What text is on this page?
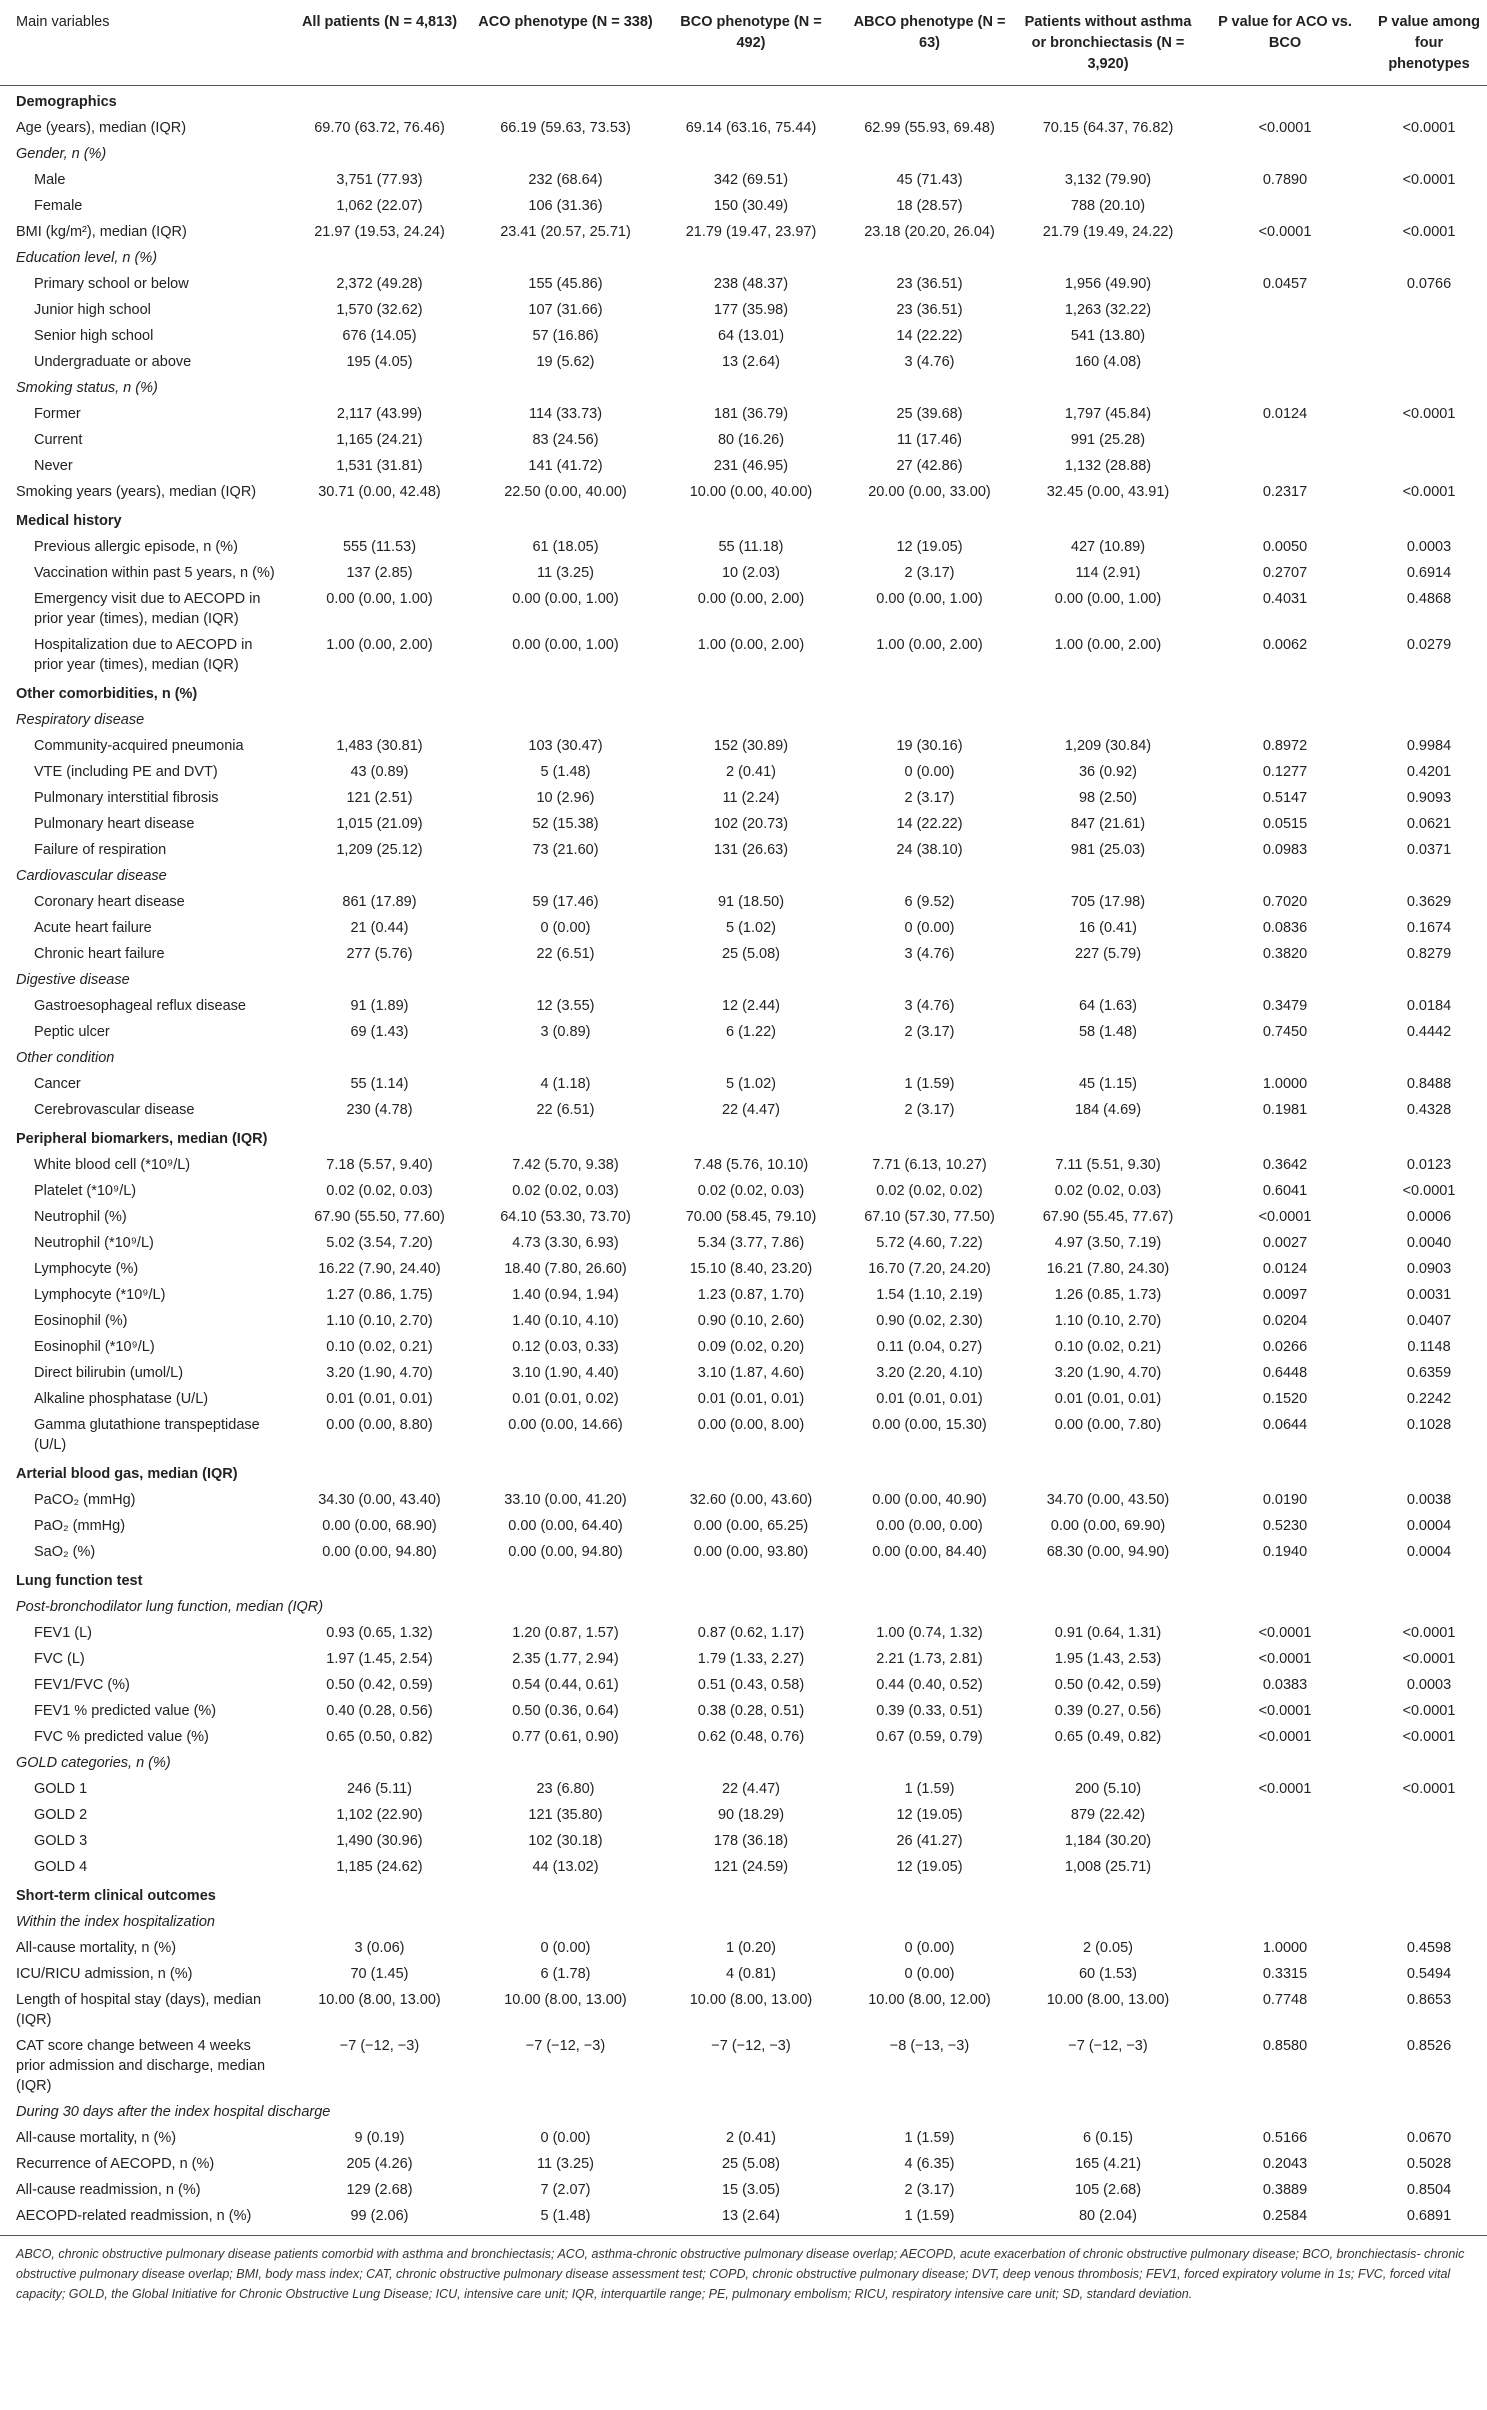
Main variables	All patients (N = 4,813)	ACO phenotype (N = 338)	BCO phenotype (N = 492)	ABCO phenotype (N = 63)	Patients without asthma or bronchiectasis (N = 3,920)	P value for ACO vs. BCO	P value among four phenotypes
Demographics							
Age (years), median (IQR)	69.70 (63.72, 76.46)	66.19 (59.63, 73.53)	69.14 (63.16, 75.44)	62.99 (55.93, 69.48)	70.15 (64.37, 76.82)	<0.0001	<0.0001
Gender, n (%)							
Male	3,751 (77.93)	232 (68.64)	342 (69.51)	45 (71.43)	3,132 (79.90)	0.7890	<0.0001
Female	1,062 (22.07)	106 (31.36)	150 (30.49)	18 (28.57)	788 (20.10)		
BMI (kg/m²), median (IQR)	21.97 (19.53, 24.24)	23.41 (20.57, 25.71)	21.79 (19.47, 23.97)	23.18 (20.20, 26.04)	21.79 (19.49, 24.22)	<0.0001	<0.0001
Education level, n (%)							
Primary school or below	2,372 (49.28)	155 (45.86)	238 (48.37)	23 (36.51)	1,956 (49.90)	0.0457	0.0766
Junior high school	1,570 (32.62)	107 (31.66)	177 (35.98)	23 (36.51)	1,263 (32.22)		
Senior high school	676 (14.05)	57 (16.86)	64 (13.01)	14 (22.22)	541 (13.80)		
Undergraduate or above	195 (4.05)	19 (5.62)	13 (2.64)	3 (4.76)	160 (4.08)		
Smoking status, n (%)							
Former	2,117 (43.99)	114 (33.73)	181 (36.79)	25 (39.68)	1,797 (45.84)	0.0124	<0.0001
Current	1,165 (24.21)	83 (24.56)	80 (16.26)	11 (17.46)	991 (25.28)		
Never	1,531 (31.81)	141 (41.72)	231 (46.95)	27 (42.86)	1,132 (28.88)		
Smoking years (years), median (IQR)	30.71 (0.00, 42.48)	22.50 (0.00, 40.00)	10.00 (0.00, 40.00)	20.00 (0.00, 33.00)	32.45 (0.00, 43.91)	0.2317	<0.0001
Medical history							
Previous allergic episode, n (%)	555 (11.53)	61 (18.05)	55 (11.18)	12 (19.05)	427 (10.89)	0.0050	0.0003
Vaccination within past 5 years, n (%)	137 (2.85)	11 (3.25)	10 (2.03)	2 (3.17)	114 (2.91)	0.2707	0.6914
Emergency visit due to AECOPD in prior year (times), median (IQR)	0.00 (0.00, 1.00)	0.00 (0.00, 1.00)	0.00 (0.00, 2.00)	0.00 (0.00, 1.00)	0.00 (0.00, 1.00)	0.4031	0.4868
Hospitalization due to AECOPD in prior year (times), median (IQR)	1.00 (0.00, 2.00)	0.00 (0.00, 1.00)	1.00 (0.00, 2.00)	1.00 (0.00, 2.00)	1.00 (0.00, 2.00)	0.0062	0.0279
Other comorbidities, n (%)							
Respiratory disease							
Community-acquired pneumonia	1,483 (30.81)	103 (30.47)	152 (30.89)	19 (30.16)	1,209 (30.84)	0.8972	0.9984
VTE (including PE and DVT)	43 (0.89)	5 (1.48)	2 (0.41)	0 (0.00)	36 (0.92)	0.1277	0.4201
Pulmonary interstitial fibrosis	121 (2.51)	10 (2.96)	11 (2.24)	2 (3.17)	98 (2.50)	0.5147	0.9093
Pulmonary heart disease	1,015 (21.09)	52 (15.38)	102 (20.73)	14 (22.22)	847 (21.61)	0.0515	0.0621
Failure of respiration	1,209 (25.12)	73 (21.60)	131 (26.63)	24 (38.10)	981 (25.03)	0.0983	0.0371
Cardiovascular disease							
Coronary heart disease	861 (17.89)	59 (17.46)	91 (18.50)	6 (9.52)	705 (17.98)	0.7020	0.3629
Acute heart failure	21 (0.44)	0 (0.00)	5 (1.02)	0 (0.00)	16 (0.41)	0.0836	0.1674
Chronic heart failure	277 (5.76)	22 (6.51)	25 (5.08)	3 (4.76)	227 (5.79)	0.3820	0.8279
Digestive disease							
Gastroesophageal reflux disease	91 (1.89)	12 (3.55)	12 (2.44)	3 (4.76)	64 (1.63)	0.3479	0.0184
Peptic ulcer	69 (1.43)	3 (0.89)	6 (1.22)	2 (3.17)	58 (1.48)	0.7450	0.4442
Other condition							
Cancer	55 (1.14)	4 (1.18)	5 (1.02)	1 (1.59)	45 (1.15)	1.0000	0.8488
Cerebrovascular disease	230 (4.78)	22 (6.51)	22 (4.47)	2 (3.17)	184 (4.69)	0.1981	0.4328
Peripheral biomarkers, median (IQR)							
White blood cell (*10⁹/L)	7.18 (5.57, 9.40)	7.42 (5.70, 9.38)	7.48 (5.76, 10.10)	7.71 (6.13, 10.27)	7.11 (5.51, 9.30)	0.3642	0.0123
Platelet (*10⁹/L)	0.02 (0.02, 0.03)	0.02 (0.02, 0.03)	0.02 (0.02, 0.03)	0.02 (0.02, 0.02)	0.02 (0.02, 0.03)	0.6041	<0.0001
Neutrophil (%)	67.90 (55.50, 77.60)	64.10 (53.30, 73.70)	70.00 (58.45, 79.10)	67.10 (57.30, 77.50)	67.90 (55.45, 77.67)	<0.0001	0.0006
Neutrophil (*10⁹/L)	5.02 (3.54, 7.20)	4.73 (3.30, 6.93)	5.34 (3.77, 7.86)	5.72 (4.60, 7.22)	4.97 (3.50, 7.19)	0.0027	0.0040
Lymphocyte (%)	16.22 (7.90, 24.40)	18.40 (7.80, 26.60)	15.10 (8.40, 23.20)	16.70 (7.20, 24.20)	16.21 (7.80, 24.30)	0.0124	0.0903
Lymphocyte (*10⁹/L)	1.27 (0.86, 1.75)	1.40 (0.94, 1.94)	1.23 (0.87, 1.70)	1.54 (1.10, 2.19)	1.26 (0.85, 1.73)	0.0097	0.0031
Eosinophil (%)	1.10 (0.10, 2.70)	1.40 (0.10, 4.10)	0.90 (0.10, 2.60)	0.90 (0.02, 2.30)	1.10 (0.10, 2.70)	0.0204	0.0407
Eosinophil (*10⁹/L)	0.10 (0.02, 0.21)	0.12 (0.03, 0.33)	0.09 (0.02, 0.20)	0.11 (0.04, 0.27)	0.10 (0.02, 0.21)	0.0266	0.1148
Direct bilirubin (umol/L)	3.20 (1.90, 4.70)	3.10 (1.90, 4.40)	3.10 (1.87, 4.60)	3.20 (2.20, 4.10)	3.20 (1.90, 4.70)	0.6448	0.6359
Alkaline phosphatase (U/L)	0.01 (0.01, 0.01)	0.01 (0.01, 0.02)	0.01 (0.01, 0.01)	0.01 (0.01, 0.01)	0.01 (0.01, 0.01)	0.1520	0.2242
Gamma glutathione transpeptidase (U/L)	0.00 (0.00, 8.80)	0.00 (0.00, 14.66)	0.00 (0.00, 8.00)	0.00 (0.00, 15.30)	0.00 (0.00, 7.80)	0.0644	0.1028
Arterial blood gas, median (IQR)							
PaCO₂ (mmHg)	34.30 (0.00, 43.40)	33.10 (0.00, 41.20)	32.60 (0.00, 43.60)	0.00 (0.00, 40.90)	34.70 (0.00, 43.50)	0.0190	0.0038
PaO₂ (mmHg)	0.00 (0.00, 68.90)	0.00 (0.00, 64.40)	0.00 (0.00, 65.25)	0.00 (0.00, 0.00)	0.00 (0.00, 69.90)	0.5230	0.0004
SaO₂ (%)	0.00 (0.00, 94.80)	0.00 (0.00, 94.80)	0.00 (0.00, 93.80)	0.00 (0.00, 84.40)	68.30 (0.00, 94.90)	0.1940	0.0004
Lung function test							
Post-bronchodilator lung function, median (IQR)							
FEV1 (L)	0.93 (0.65, 1.32)	1.20 (0.87, 1.57)	0.87 (0.62, 1.17)	1.00 (0.74, 1.32)	0.91 (0.64, 1.31)	<0.0001	<0.0001
FVC (L)	1.97 (1.45, 2.54)	2.35 (1.77, 2.94)	1.79 (1.33, 2.27)	2.21 (1.73, 2.81)	1.95 (1.43, 2.53)	<0.0001	<0.0001
FEV1/FVC (%)	0.50 (0.42, 0.59)	0.54 (0.44, 0.61)	0.51 (0.43, 0.58)	0.44 (0.40, 0.52)	0.50 (0.42, 0.59)	0.0383	0.0003
FEV1 % predicted value (%)	0.40 (0.28, 0.56)	0.50 (0.36, 0.64)	0.38 (0.28, 0.51)	0.39 (0.33, 0.51)	0.39 (0.27, 0.56)	<0.0001	<0.0001
FVC % predicted value (%)	0.65 (0.50, 0.82)	0.77 (0.61, 0.90)	0.62 (0.48, 0.76)	0.67 (0.59, 0.79)	0.65 (0.49, 0.82)	<0.0001	<0.0001
GOLD categories, n (%)							
GOLD 1	246 (5.11)	23 (6.80)	22 (4.47)	1 (1.59)	200 (5.10)	<0.0001	<0.0001
GOLD 2	1,102 (22.90)	121 (35.80)	90 (18.29)	12 (19.05)	879 (22.42)		
GOLD 3	1,490 (30.96)	102 (30.18)	178 (36.18)	26 (41.27)	1,184 (30.20)		
GOLD 4	1,185 (24.62)	44 (13.02)	121 (24.59)	12 (19.05)	1,008 (25.71)		
Short-term clinical outcomes							
Within the index hospitalization							
All-cause mortality, n (%)	3 (0.06)	0 (0.00)	1 (0.20)	0 (0.00)	2 (0.05)	1.0000	0.4598
ICU/RICU admission, n (%)	70 (1.45)	6 (1.78)	4 (0.81)	0 (0.00)	60 (1.53)	0.3315	0.5494
Length of hospital stay (days), median (IQR)	10.00 (8.00, 13.00)	10.00 (8.00, 13.00)	10.00 (8.00, 13.00)	10.00 (8.00, 12.00)	10.00 (8.00, 13.00)	0.7748	0.8653
CAT score change between 4 weeks prior admission and discharge, median (IQR)	−7 (−12, −3)	−7 (−12, −3)	−7 (−12, −3)	−8 (−13, −3)	−7 (−12, −3)	0.8580	0.8526
During 30 days after the index hospital discharge							
All-cause mortality, n (%)	9 (0.19)	0 (0.00)	2 (0.41)	1 (1.59)	6 (0.15)	0.5166	0.0670
Recurrence of AECOPD, n (%)	205 (4.26)	11 (3.25)	25 (5.08)	4 (6.35)	165 (4.21)	0.2043	0.5028
All-cause readmission, n (%)	129 (2.68)	7 (2.07)	15 (3.05)	2 (3.17)	105 (2.68)	0.3889	0.8504
AECOPD-related readmission, n (%)	99 (2.06)	5 (1.48)	13 (2.64)	1 (1.59)	80 (2.04)	0.2584	0.6891
ABCO, chronic obstructive pulmonary disease patients comorbid with asthma and bronchiectasis; ACO, asthma-chronic obstructive pulmonary disease overlap; AECOPD, acute exacerbation of chronic obstructive pulmonary disease; BCO, bronchiectasis- chronic obstructive pulmonary disease overlap; BMI, body mass index; CAT, chronic obstructive pulmonary disease assessment test; COPD, chronic obstructive pulmonary disease; DVT, deep venous thrombosis; FEV1, forced expiratory volume in 1s; FVC, forced vital capacity; GOLD, the Global Initiative for Chronic Obstructive Lung Disease; ICU, intensive care unit; IQR, interquartile range; PE, pulmonary embolism; RICU, respiratory intensive care unit; SD, standard deviation.
